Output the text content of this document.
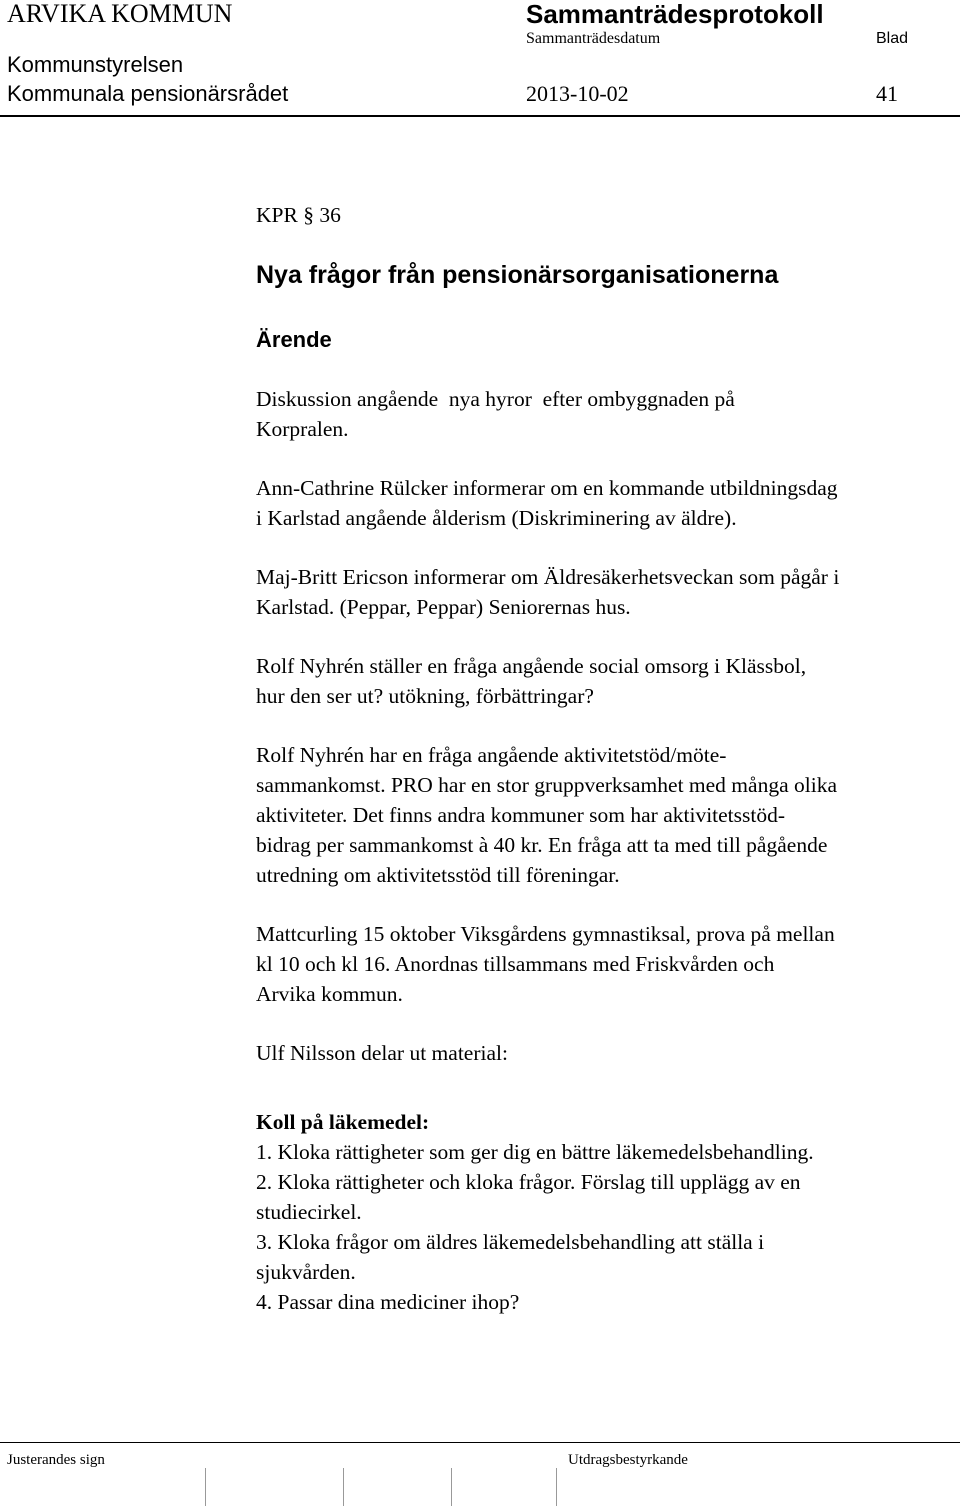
ARVIKA KOMMUN	Sammanträdesprotokoll
Sammanträdesdatum	Blad
Kommunstyrelsen
Kommunala pensionärsrådet	2013-10-02	41

KPR § 36

Nya frågor från pensionärsorganisationerna

Ärende

Diskussion angående  nya hyror  efter ombyggnaden på
Korpralen.

Ann-Cathrine Rülcker informerar om en kommande utbildningsdag
i Karlstad angående ålderism (Diskriminering av äldre).

Maj-Britt Ericson informerar om Äldresäkerhetsveckan som pågår i
Karlstad. (Peppar, Peppar) Seniorernas hus.

Rolf Nyhrén ställer en fråga angående social omsorg i Klässbol,
hur den ser ut? utökning, förbättringar?

Rolf Nyhrén har en fråga angående aktivitetstöd/möte-
sammankomst. PRO har en stor gruppverksamhet med många olika
aktiviteter. Det finns andra kommuner som har aktivitetsstöd-
bidrag per sammankomst à 40 kr. En fråga att ta med till pågående
utredning om aktivitetsstöd till föreningar.

Mattcurling 15 oktober Viksgårdens gymnastiksal, prova på mellan
kl 10 och kl 16. Anordnas tillsammans med Friskvården och
Arvika kommun.

Ulf Nilsson delar ut material:

Koll på läkemedel:

1. Kloka rättigheter som ger dig en bättre läkemedelsbehandling.
2. Kloka rättigheter och kloka frågor. Förslag till upplägg av en
studiecirkel.
3. Kloka frågor om äldres läkemedelsbehandling att ställa i
sjukvården.
4. Passar dina mediciner ihop?
Justerandes sign	Utdragsbestyrkande
